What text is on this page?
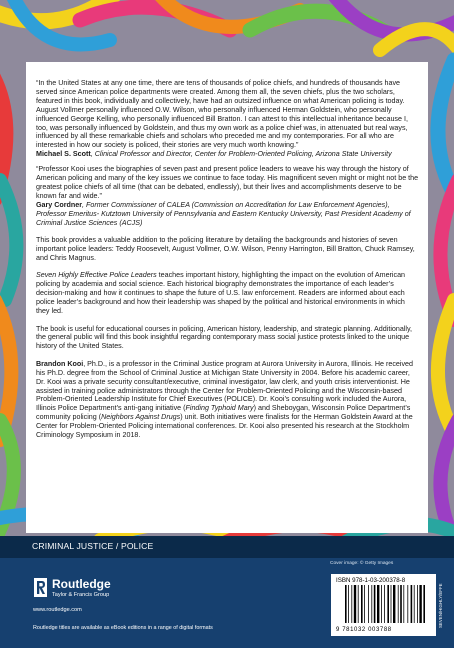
“In the United States at any one time, there are tens of thousands of police chiefs, and hundreds of thousands have served since American police departments were created. Among them all, the seven chiefs, plus the two scholars, featured in this book, individually and collectively, have had an outsized influence on what American policing is today. August Vollmer personally influenced O.W. Wilson, who personally influenced Herman Goldstein, who personally influenced George Kelling, who personally influenced Bill Bratton. I can attest to this intellectual inheritance because I, too, was personally influenced by Goldstein, and thus my own work as a police chief was, in attenuated but real ways, influenced by all these remarkable chiefs and scholars who preceded me and my contemporaries. For all who are interested in how our society is policed, their stories are very much worth knowing.”
Michael S. Scott, Clinical Professor and Director, Center for Problem-Oriented Policing, Arizona State University

“Professor Kooi uses the biographies of seven past and present police leaders to weave his way through the history of American policing and many of the key issues we continue to face today. His magnificent seven might or might not be the greatest police chiefs of all time (that can be debated, endlessly), but their lives and accomplishments deserve to be known far and wide.”
Gary Cordner, Former Commissioner of CALEA (Commission on Accreditation for Law Enforcement Agencies), Professor Emeritus- Kutztown University of Pennsylvania and Eastern Kentucky University, Past President Academy of Criminal Justice Sciences (ACJS)

This book provides a valuable addition to the policing literature by detailing the backgrounds and histories of seven important police leaders: Teddy Roosevelt, August Vollmer, O.W. Wilson, Penny Harrington, Bill Bratton, Chuck Ramsey, and Chris Magnus.

Seven Highly Effective Police Leaders teaches important history, highlighting the impact on the evolution of American policing by academia and social science. Each historical biography demonstrates the importance of each leader’s decision-making and how it continues to shape the future of U.S. law enforcement. Readers are informed about each police leader’s background and how their leadership was shaped by the political and historical environments in which they led.

The book is useful for educational courses in policing, American history, leadership, and strategic planning. Additionally, the general public will find this book insightful regarding contemporary mass social justice protests linked to the unique history of the United States.

Brandon Kooi, Ph.D., is a professor in the Criminal Justice program at Aurora University in Aurora, Illinois. He received his Ph.D. degree from the School of Criminal Justice at Michigan State University in 2004. Before his academic career, Dr. Kooi was a private security consultant/executive, criminal investigator, law clerk, and youth crisis interventionist. He assisted in training police administrators through the Center for Problem-Oriented Policing and the Wisconsin-based Problem-Oriented Leadership Institute for Chief Executives (POLICE). Dr. Kooi’s consulting work included the Aurora, Illinois Police Department’s anti-gang initiative (Finding Typhoid Mary) and Sheboygan, Wisconsin Police Department’s community policing (Neighbors Against Drugs) unit. Both initiatives were finalists for the Herman Goldstein Award at the Center for Problem-Oriented Policing international conferences. Dr. Kooi also presented his research at the Stockholm Criminology Symposium in 2018.

CRIMINAL JUSTICE / POLICE
Cover image: © Getty Images
Routledge
Taylor & Francis Group
www.routledge.com
Routledge titles are available as eBook editions in a range of digital formats
ISBN 978-1-03-200378-8
9 781032 003788
SEVEN/HIGHLY/EFFE
